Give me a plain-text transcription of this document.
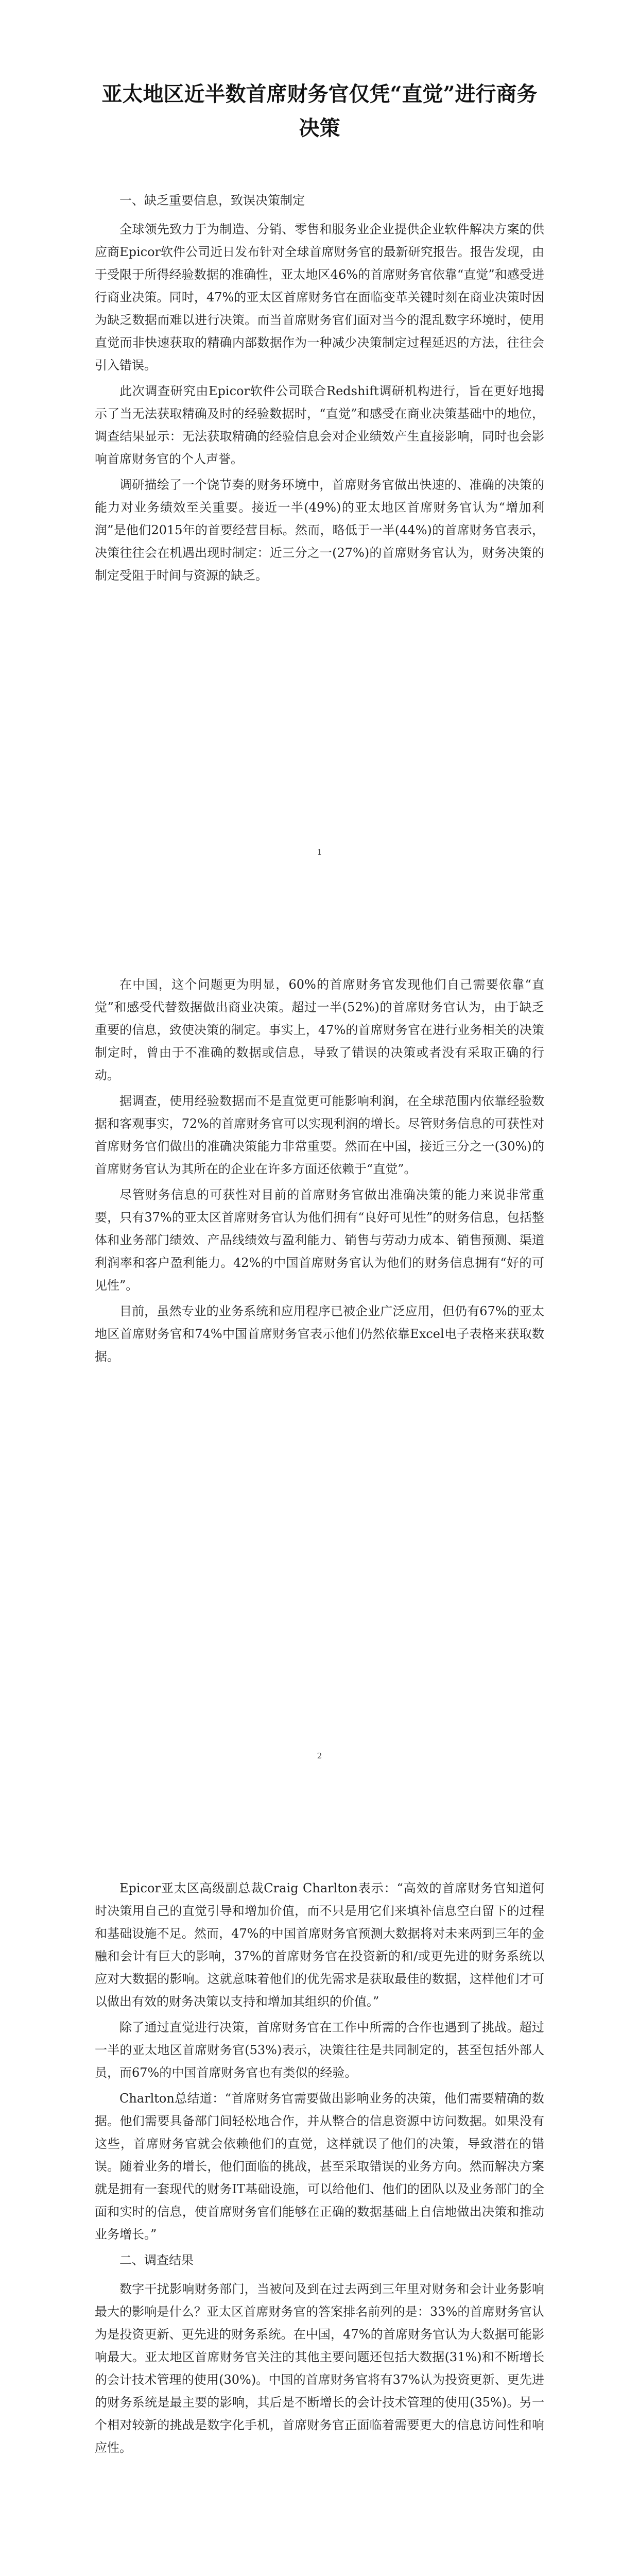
亚太地区近半数首席财务官仅凭“直觉”进行商务决策
一、缺乏重要信息，致误决策制定

全球领先致力于为制造、分销、零售和服务业企业提供企业软件解决方案的供应商Epicor软件公司近日发布针对全球首席财务官的最新研究报告。报告发现，由于受限于所得经验数据的准确性，亚太地区46%的首席财务官依靠“直觉”和感受进行商业决策。同时，47%的亚太区首席财务官在面临变革关键时刻在商业决策时因为缺乏数据而难以进行决策。而当首席财务官们面对当今的混乱数字环境时，使用直觉而非快速获取的精确内部数据作为一种减少决策制定过程延迟的方法，往往会引入错误。

此次调查研究由Epicor软件公司联合Redshift调研机构进行，旨在更好地揭示了当无法获取精确及时的经验数据时，“直觉”和感受在商业决策基础中的地位，调查结果显示：无法获取精确的经验信息会对企业绩效产生直接影响，同时也会影响首席财务官的个人声誉。

调研描绘了一个饶节奏的财务环境中，首席财务官做出快速的、准确的决策的能力对业务绩效至关重要。接近一半(49%)的亚太地区首席财务官认为“增加利润”是他们2015年的首要经营目标。然而，略低于一半(44%)的首席财务官表示，决策往往会在机遇出现时制定：近三分之一(27%)的首席财务官认为，财务决策的制定受阻于时间与资源的缺乏。

1

在中国，这个问题更为明显，60%的首席财务官发现他们自己需要依靠“直觉”和感受代替数据做出商业决策。超过一半(52%)的首席财务官认为，由于缺乏重要的信息，致使决策的制定。事实上，47%的首席财务官在进行业务相关的决策制定时，曾由于不准确的数据或信息，导致了错误的决策或者没有采取正确的行动。

据调查，使用经验数据而不是直觉更可能影响利润，在全球范围内依靠经验数据和客观事实，72%的首席财务官可以实现利润的增长。尽管财务信息的可获性对首席财务官们做出的准确决策能力非常重要。然而在中国，接近三分之一(30%)的首席财务官认为其所在的企业在许多方面还依赖于“直觉”。

尽管财务信息的可获性对目前的首席财务官做出准确决策的能力来说非常重要，只有37%的亚太区首席财务官认为他们拥有“良好可见性”的财务信息，包括整体和业务部门绩效、产品线绩效与盈利能力、销售与劳动力成本、销售预测、渠道利润率和客户盈利能力。42%的中国首席财务官认为他们的财务信息拥有“好的可见性”。

目前，虽然专业的业务系统和应用程序已被企业广泛应用，但仍有67%的亚太地区首席财务官和74%中国首席财务官表示他们仍然依靠Excel电子表格来获取数据。

2

Epicor亚太区高级副总裁Craig Charlton表示：“高效的首席财务官知道何时决策用自己的直觉引导和增加价值，而不只是用它们来填补信息空白留下的过程和基础设施不足。然而，47%的中国首席财务官预测大数据将对未来两到三年的金融和会计有巨大的影响，37%的首席财务官在投资新的和/或更先进的财务系统以应对大数据的影响。这就意味着他们的优先需求是获取最佳的数据，这样他们才可以做出有效的财务决策以支持和增加其组织的价值。”

除了通过直觉进行决策，首席财务官在工作中所需的合作也遇到了挑战。超过一半的亚太地区首席财务官(53%)表示，决策往往是共同制定的，甚至包括外部人员，而67%的中国首席财务官也有类似的经验。

Charlton总结道：“首席财务官需要做出影响业务的决策，他们需要精确的数据。他们需要具备部门间轻松地合作，并从整合的信息资源中访问数据。如果没有这些，首席财务官就会依赖他们的直觉，这样就误了他们的决策，导致潜在的错误。随着业务的增长，他们面临的挑战，甚至采取错误的业务方向。然而解决方案就是拥有一套现代的财务IT基础设施，可以给他们、他们的团队以及业务部门的全面和实时的信息，使首席财务官们能够在正确的数据基础上自信地做出决策和推动业务增长。”

二、调查结果

数字干扰影响财务部门，当被问及到在过去两到三年里对财务和会计业务影响最大的影响是什么？亚太区首席财务官的答案排名前列的是：33%的首席财务官认为是投资更新、更先进的财务系统。在中国，47%的首席财务官认为大数据可能影响最大。亚太地区首席财务官关注的其他主要问题还包括大数据(31%)和不断增长的会计技术管理的使用(30%)。中国的首席财务官将有37%认为投资更新、更先进的财务系统是最主要的影响，其后是不断增长的会计技术管理的使用(35%)。另一个相对较新的挑战是数字化手机，首席财务官正面临着需要更大的信息访问性和响应性。
